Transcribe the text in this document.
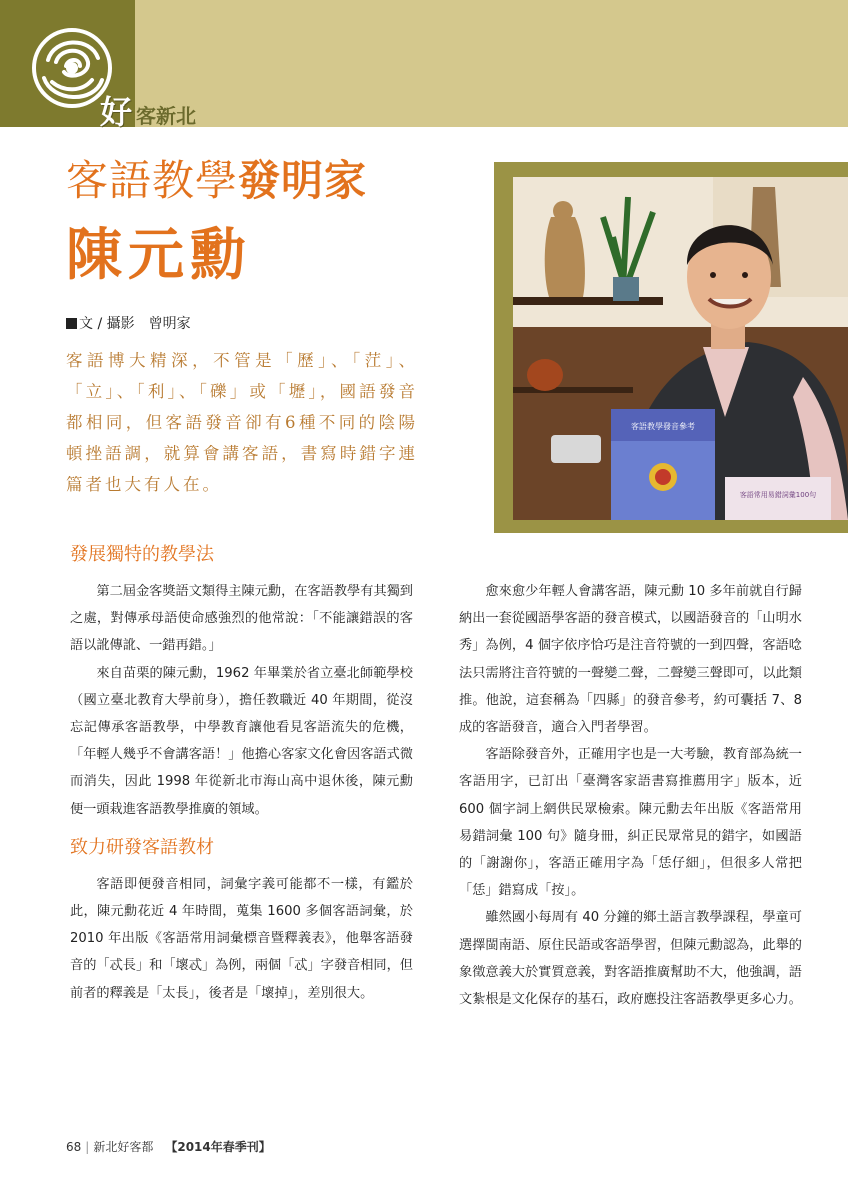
好 客新北
客語教學發明家
陳元勳
文 / 攝影　曾明家
客語博大精深，不管是「歷」、「茳」、「立」、「利」、「礫」或「壢」，國語發音都相同，但客語發音卻有6種不同的陰陽頓挫語調，就算會講客語，書寫時錯字連篇者也大有人在。
客語教學發音參考
客語常用易錯詞彙100句
發展獨特的教學法

第二屆金客獎語文類得主陳元勳，在客語教學有其獨到之處，對傳承母語使命感強烈的他常說：「不能讓錯誤的客語以訛傳訛、一錯再錯。」

來自苗栗的陳元勳，1962 年畢業於省立臺北師範學校（國立臺北教育大學前身），擔任教職近 40 年期間，從沒忘記傳承客語教學，中學教育讓他看見客語流失的危機，「年輕人幾乎不會講客語！」他擔心客家文化會因客語式微而消失，因此 1998 年從新北市海山高中退休後，陳元勳便一頭栽進客語教學推廣的領域。

致力研發客語教材

客語即便發音相同，詞彙字義可能都不一樣，有鑑於此，陳元勳花近 4 年時間，蒐集 1600 多個客語詞彙，於 2010 年出版《客語常用詞彙標音暨釋義表》，他舉客語發音的「忒長」和「壞忒」為例，兩個「忒」字發音相同，但前者的釋義是「太長」，後者是「壞掉」，差別很大。

愈來愈少年輕人會講客語，陳元勳 10 多年前就自行歸納出一套從國語學客語的發音模式，以國語發音的「山明水秀」為例，4 個字依序恰巧是注音符號的一到四聲，客語唸法只需將注音符號的一聲變二聲，二聲變三聲即可，以此類推。他說，這套稱為「四縣」的發音參考，約可囊括 7、8 成的客語發音，適合入門者學習。

客語除發音外，正確用字也是一大考驗，教育部為統一客語用字，已訂出「臺灣客家語書寫推薦用字」版本，近 600 個字詞上網供民眾檢索。陳元勳去年出版《客語常用易錯詞彙 100 句》隨身冊，糾正民眾常見的錯字，如國語的「謝謝你」，客語正確用字為「恁仔細」，但很多人常把「恁」錯寫成「按」。

雖然國小每周有 40 分鐘的鄉土語言教學課程，學童可選擇閩南語、原住民語或客語學習，但陳元勳認為，此舉的象徵意義大於實質意義，對客語推廣幫助不大，他強調，語文紮根是文化保存的基石，政府應投注客語教學更多心力。

68 | 新北好客都 【2014年春季刊】
